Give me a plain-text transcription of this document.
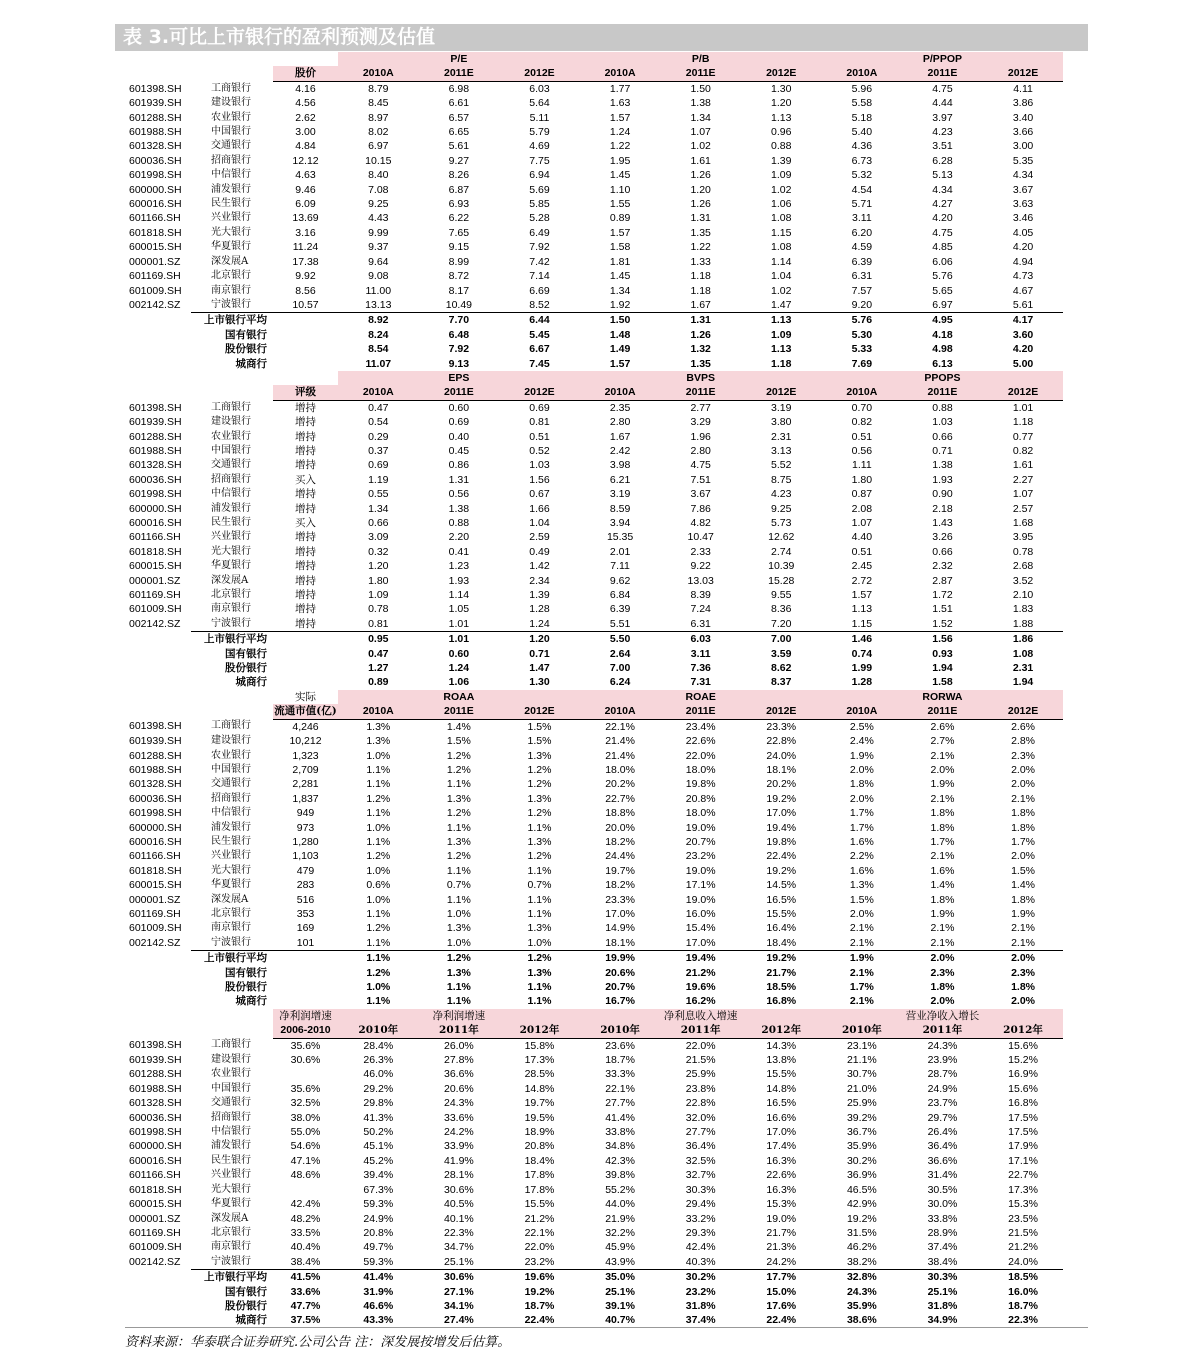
表 3.可比上市银行的盈利预测及估值
			P/E			P/B			P/PPOP		
		股价	2010A	2011E	2012E	2010A	2011E	2012E	2010A	2011E	2012E
601398.SH	工商银行	4.16	8.79	6.98	6.03	1.77	1.50	1.30	5.96	4.75	4.11
601939.SH	建设银行	4.56	8.45	6.61	5.64	1.63	1.38	1.20	5.58	4.44	3.86
601288.SH	农业银行	2.62	8.97	6.57	5.11	1.57	1.34	1.13	5.18	3.97	3.40
601988.SH	中国银行	3.00	8.02	6.65	5.79	1.24	1.07	0.96	5.40	4.23	3.66
601328.SH	交通银行	4.84	6.97	5.61	4.69	1.22	1.02	0.88	4.36	3.51	3.00
600036.SH	招商银行	12.12	10.15	9.27	7.75	1.95	1.61	1.39	6.73	6.28	5.35
601998.SH	中信银行	4.63	8.40	8.26	6.94	1.45	1.26	1.09	5.32	5.13	4.34
600000.SH	浦发银行	9.46	7.08	6.87	5.69	1.10	1.20	1.02	4.54	4.34	3.67
600016.SH	民生银行	6.09	9.25	6.93	5.85	1.55	1.26	1.06	5.71	4.27	3.63
601166.SH	兴业银行	13.69	4.43	6.22	5.28	0.89	1.31	1.08	3.11	4.20	3.46
601818.SH	光大银行	3.16	9.99	7.65	6.49	1.57	1.35	1.15	6.20	4.75	4.05
600015.SH	华夏银行	11.24	9.37	9.15	7.92	1.58	1.22	1.08	4.59	4.85	4.20
000001.SZ	深发展A	17.38	9.64	8.99	7.42	1.81	1.33	1.14	6.39	6.06	4.94
601169.SH	北京银行	9.92	9.08	8.72	7.14	1.45	1.18	1.04	6.31	5.76	4.73
601009.SH	南京银行	8.56	11.00	8.17	6.69	1.34	1.18	1.02	7.57	5.65	4.67
002142.SZ	宁波银行	10.57	13.13	10.49	8.52	1.92	1.67	1.47	9.20	6.97	5.61
	上市银行平均		8.92	7.70	6.44	1.50	1.31	1.13	5.76	4.95	4.17
	国有银行		8.24	6.48	5.45	1.48	1.26	1.09	5.30	4.18	3.60
	股份银行		8.54	7.92	6.67	1.49	1.32	1.13	5.33	4.98	4.20
	城商行		11.07	9.13	7.45	1.57	1.35	1.18	7.69	6.13	5.00
			EPS			BVPS			PPOPS		
		评级	2010A	2011E	2012E	2010A	2011E	2012E	2010A	2011E	2012E
601398.SH	工商银行	增持	0.47	0.60	0.69	2.35	2.77	3.19	0.70	0.88	1.01
601939.SH	建设银行	增持	0.54	0.69	0.81	2.80	3.29	3.80	0.82	1.03	1.18
601288.SH	农业银行	增持	0.29	0.40	0.51	1.67	1.96	2.31	0.51	0.66	0.77
601988.SH	中国银行	增持	0.37	0.45	0.52	2.42	2.80	3.13	0.56	0.71	0.82
601328.SH	交通银行	增持	0.69	0.86	1.03	3.98	4.75	5.52	1.11	1.38	1.61
600036.SH	招商银行	买入	1.19	1.31	1.56	6.21	7.51	8.75	1.80	1.93	2.27
601998.SH	中信银行	增持	0.55	0.56	0.67	3.19	3.67	4.23	0.87	0.90	1.07
600000.SH	浦发银行	增持	1.34	1.38	1.66	8.59	7.86	9.25	2.08	2.18	2.57
600016.SH	民生银行	买入	0.66	0.88	1.04	3.94	4.82	5.73	1.07	1.43	1.68
601166.SH	兴业银行	增持	3.09	2.20	2.59	15.35	10.47	12.62	4.40	3.26	3.95
601818.SH	光大银行	增持	0.32	0.41	0.49	2.01	2.33	2.74	0.51	0.66	0.78
600015.SH	华夏银行	增持	1.20	1.23	1.42	7.11	9.22	10.39	2.45	2.32	2.68
000001.SZ	深发展A	增持	1.80	1.93	2.34	9.62	13.03	15.28	2.72	2.87	3.52
601169.SH	北京银行	增持	1.09	1.14	1.39	6.84	8.39	9.55	1.57	1.72	2.10
601009.SH	南京银行	增持	0.78	1.05	1.28	6.39	7.24	8.36	1.13	1.51	1.83
002142.SZ	宁波银行	增持	0.81	1.01	1.24	5.51	6.31	7.20	1.15	1.52	1.88
	上市银行平均		0.95	1.01	1.20	5.50	6.03	7.00	1.46	1.56	1.86
	国有银行		0.47	0.60	0.71	2.64	3.11	3.59	0.74	0.93	1.08
	股份银行		1.27	1.24	1.47	7.00	7.36	8.62	1.99	1.94	2.31
	城商行		0.89	1.06	1.30	6.24	7.31	8.37	1.28	1.58	1.94
		实际	ROAA			ROAE			RORWA		
		流通市值(亿)	2010A	2011E	2012E	2010A	2011E	2012E	2010A	2011E	2012E
601398.SH	工商银行	4,246	1.3%	1.4%	1.5%	22.1%	23.4%	23.3%	2.5%	2.6%	2.6%
601939.SH	建设银行	10,212	1.3%	1.5%	1.5%	21.4%	22.6%	22.8%	2.4%	2.7%	2.8%
601288.SH	农业银行	1,323	1.0%	1.2%	1.3%	21.4%	22.0%	24.0%	1.9%	2.1%	2.3%
601988.SH	中国银行	2,709	1.1%	1.2%	1.2%	18.0%	18.0%	18.1%	2.0%	2.0%	2.0%
601328.SH	交通银行	2,281	1.1%	1.1%	1.2%	20.2%	19.8%	20.2%	1.8%	1.9%	2.0%
600036.SH	招商银行	1,837	1.2%	1.3%	1.3%	22.7%	20.8%	19.2%	2.0%	2.1%	2.1%
601998.SH	中信银行	949	1.1%	1.2%	1.2%	18.8%	18.0%	17.0%	1.7%	1.8%	1.8%
600000.SH	浦发银行	973	1.0%	1.1%	1.1%	20.0%	19.0%	19.4%	1.7%	1.8%	1.8%
600016.SH	民生银行	1,280	1.1%	1.3%	1.3%	18.2%	20.7%	19.8%	1.6%	1.7%	1.7%
601166.SH	兴业银行	1,103	1.2%	1.2%	1.2%	24.4%	23.2%	22.4%	2.2%	2.1%	2.0%
601818.SH	光大银行	479	1.0%	1.1%	1.1%	19.7%	19.0%	19.2%	1.6%	1.6%	1.5%
600015.SH	华夏银行	283	0.6%	0.7%	0.7%	18.2%	17.1%	14.5%	1.3%	1.4%	1.4%
000001.SZ	深发展A	516	1.0%	1.1%	1.1%	23.3%	19.0%	16.5%	1.5%	1.8%	1.8%
601169.SH	北京银行	353	1.1%	1.0%	1.1%	17.0%	16.0%	15.5%	2.0%	1.9%	1.9%
601009.SH	南京银行	169	1.2%	1.3%	1.3%	14.9%	15.4%	16.4%	2.1%	2.1%	2.1%
002142.SZ	宁波银行	101	1.1%	1.0%	1.0%	18.1%	17.0%	18.4%	2.1%	2.1%	2.1%
	上市银行平均		1.1%	1.2%	1.2%	19.9%	19.4%	19.2%	1.9%	2.0%	2.0%
	国有银行		1.2%	1.3%	1.3%	20.6%	21.2%	21.7%	2.1%	2.3%	2.3%
	股份银行		1.0%	1.1%	1.1%	20.7%	19.6%	18.5%	1.7%	1.8%	1.8%
	城商行		1.1%	1.1%	1.1%	16.7%	16.2%	16.8%	2.1%	2.0%	2.0%
		净利润增速	净利润增速			净利息收入增速			营业净收入增长		
		2006-2010	2010年	2011年	2012年	2010年	2011年	2012年	2010年	2011年	2012年
601398.SH	工商银行	35.6%	28.4%	26.0%	15.8%	23.6%	22.0%	14.3%	23.1%	24.3%	15.6%
601939.SH	建设银行	30.6%	26.3%	27.8%	17.3%	18.7%	21.5%	13.8%	21.1%	23.9%	15.2%
601288.SH	农业银行		46.0%	36.6%	28.5%	33.3%	25.9%	15.5%	30.7%	28.7%	16.9%
601988.SH	中国银行	35.6%	29.2%	20.6%	14.8%	22.1%	23.8%	14.8%	21.0%	24.9%	15.6%
601328.SH	交通银行	32.5%	29.8%	24.3%	19.7%	27.7%	22.8%	16.5%	25.9%	23.7%	16.8%
600036.SH	招商银行	38.0%	41.3%	33.6%	19.5%	41.4%	32.0%	16.6%	39.2%	29.7%	17.5%
601998.SH	中信银行	55.0%	50.2%	24.2%	18.9%	33.8%	27.7%	17.0%	36.7%	26.4%	17.5%
600000.SH	浦发银行	54.6%	45.1%	33.9%	20.8%	34.8%	36.4%	17.4%	35.9%	36.4%	17.9%
600016.SH	民生银行	47.1%	45.2%	41.9%	18.4%	42.3%	32.5%	16.3%	30.2%	36.6%	17.1%
601166.SH	兴业银行	48.6%	39.4%	28.1%	17.8%	39.8%	32.7%	22.6%	36.9%	31.4%	22.7%
601818.SH	光大银行		67.3%	30.6%	17.8%	55.2%	30.3%	16.3%	46.5%	30.5%	17.3%
600015.SH	华夏银行	42.4%	59.3%	40.5%	15.5%	44.0%	29.4%	15.3%	42.9%	30.0%	15.3%
000001.SZ	深发展A	48.2%	24.9%	40.1%	21.2%	21.9%	33.2%	19.0%	19.2%	33.8%	23.5%
601169.SH	北京银行	33.5%	20.8%	22.3%	22.1%	32.2%	29.3%	21.7%	31.5%	28.9%	21.5%
601009.SH	南京银行	40.4%	49.7%	34.7%	22.0%	45.9%	42.4%	21.3%	46.2%	37.4%	21.2%
002142.SZ	宁波银行	38.4%	59.3%	25.1%	23.2%	43.9%	40.3%	24.2%	38.2%	38.4%	24.0%
	上市银行平均	41.5%	41.4%	30.6%	19.6%	35.0%	30.2%	17.7%	32.8%	30.3%	18.5%
	国有银行	33.6%	31.9%	27.1%	19.2%	25.1%	23.2%	15.0%	24.3%	25.1%	16.0%
	股份银行	47.7%	46.6%	34.1%	18.7%	39.1%	31.8%	17.6%	35.9%	31.8%	18.7%
	城商行	37.5%	43.3%	27.4%	22.4%	40.7%	37.4%	22.4%	38.6%	34.9%	22.3%
资料来源：华泰联合证券研究.公司公告 注：深发展按增发后估算。
